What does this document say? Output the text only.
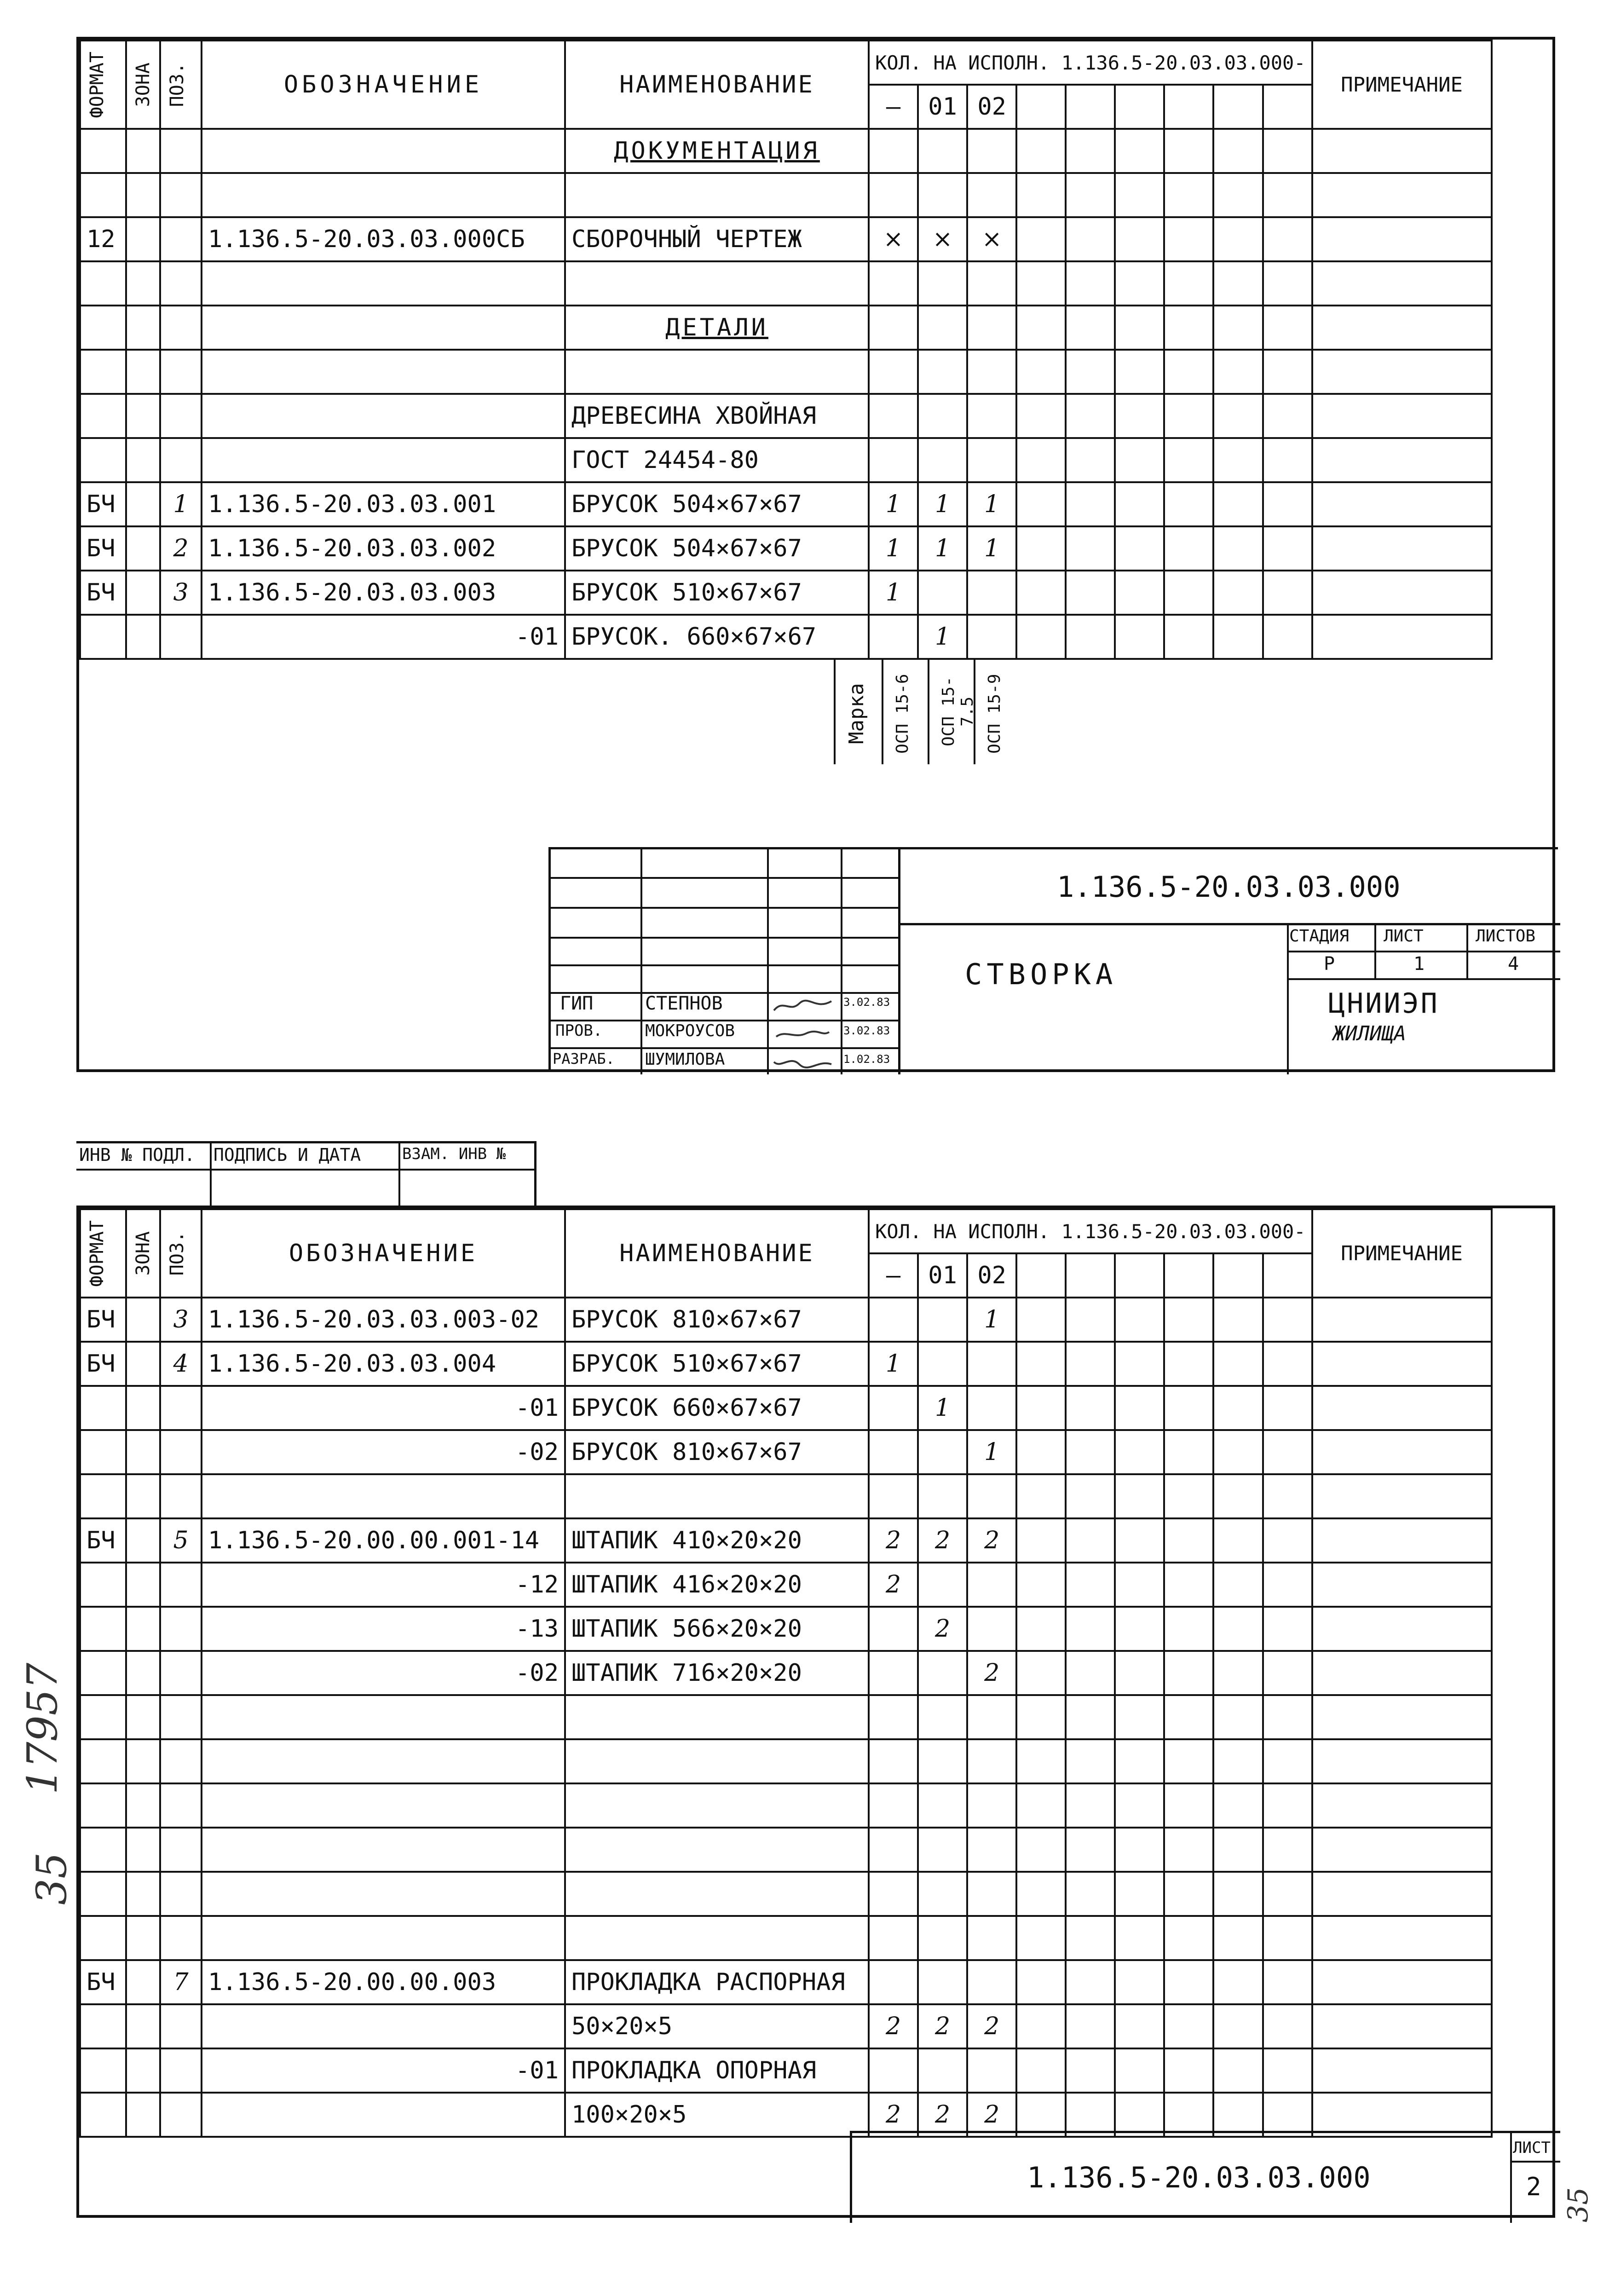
ФОРМАТ	ЗОНА	ПОЗ.	ОБОЗНАЧЕНИЕ	НАИМЕНОВАНИЕ	КОЛ. НА ИСПОЛН. 1.136.5-20.03.03.000-									ПРИМЕЧАНИЕ
					—	01	02							
				ДОКУМЕНТАЦИЯ										

12			1.136.5-20.03.03.000СБ	СБОРОЧНЫЙ ЧЕРТЕЖ	×	×	×							

				ДЕТАЛИ										

				ДРЕВЕСИНА ХВОЙНАЯ										
				ГОСТ 24454-80										
БЧ		1	1.136.5-20.03.03.001	БРУСОК 504×67×67	1	1	1							
БЧ		2	1.136.5-20.03.03.002	БРУСОК 504×67×67	1	1	1							
БЧ		3	1.136.5-20.03.03.003	БРУСОК 510×67×67	1									
			-01	БРУСОК. 660×67×67		1								
Марка ОСП 15-6 ОСП 15-7.5 ОСП 15-9
1.136.5-20.03.03.000
СТВОРКА
СТАДИЯ ЛИСТ	ЛИСТОВ
Р	1	4
ЦНИИЭП
ЖИЛИЩА
ГИП	СТЕПНОВ	3.02.83
ПРОВ.	МОКРОУСОВ	3.02.83
РАЗРАБ. ШУМИЛОВА	1.02.83
ИНВ № ПОДЛ. ПОДПИСЬ И ДАТА	ВЗАМ. ИНВ №
ФОРМАТ	ЗОНА	ПОЗ.	ОБОЗНАЧЕНИЕ	НАИМЕНОВАНИЕ	КОЛ. НА ИСПОЛН. 1.136.5-20.03.03.000-									ПРИМЕЧАНИЕ
					—	01	02							
БЧ		3	1.136.5-20.03.03.003-02	БРУСОК 810×67×67			1							
БЧ		4	1.136.5-20.03.03.004	БРУСОК 510×67×67	1									
			-01	БРУСОК 660×67×67		1								
			-02	БРУСОК 810×67×67			1							

БЧ		5	1.136.5-20.00.00.001-14	ШТАПИК 410×20×20	2	2	2							
			-12	ШТАПИК 416×20×20	2									
			-13	ШТАПИК 566×20×20		2								
			-02	ШТАПИК 716×20×20			2							

БЧ		7	1.136.5-20.00.00.003	ПРОКЛАДКА РАСПОРНАЯ										
				50×20×5	2	2	2							
			-01	ПРОКЛАДКА ОПОРНАЯ										
				100×20×5	2	2	2							
1.136.5-20.03.03.000
ЛИСТ
2
17957
35
35
